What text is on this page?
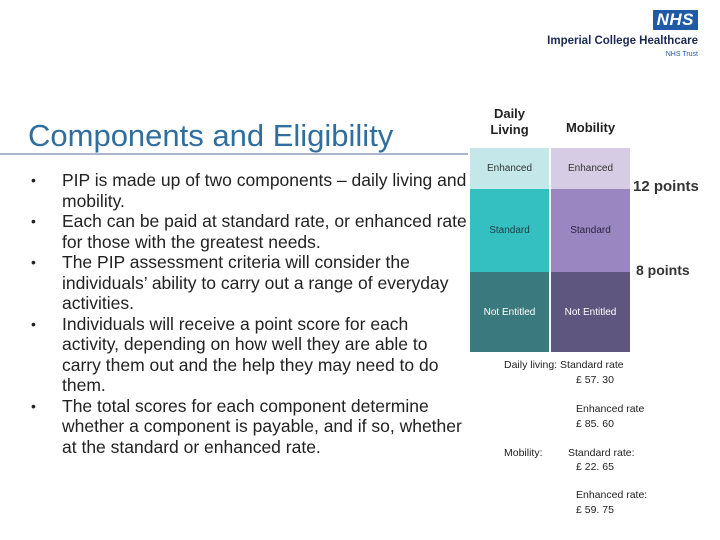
NHS
Imperial College Healthcare
NHS Trust
Components and Eligibility
• PIP is made up of two components – daily living and mobility.
• Each can be paid at standard rate, or enhanced rate for those with the greatest needs.
• The PIP assessment criteria will consider the individuals’ ability to carry out a range of everyday activities.
• Individuals will receive a point score for each activity, depending on how well they are able to carry them out and the help they may need to do them.
• The total scores for each component determine whether a component is payable, and if so, whether at the standard or enhanced rate.
Daily Living	Mobility
Enhanced
Standard
Not Entitled
Enhanced
Standard
Not Entitled
12 points
8 points
Daily living: Standard rate
£ 57. 30
Enhanced rate
£ 85. 60
Mobility: Standard rate:
£ 22. 65
Enhanced rate:
£ 59. 75
